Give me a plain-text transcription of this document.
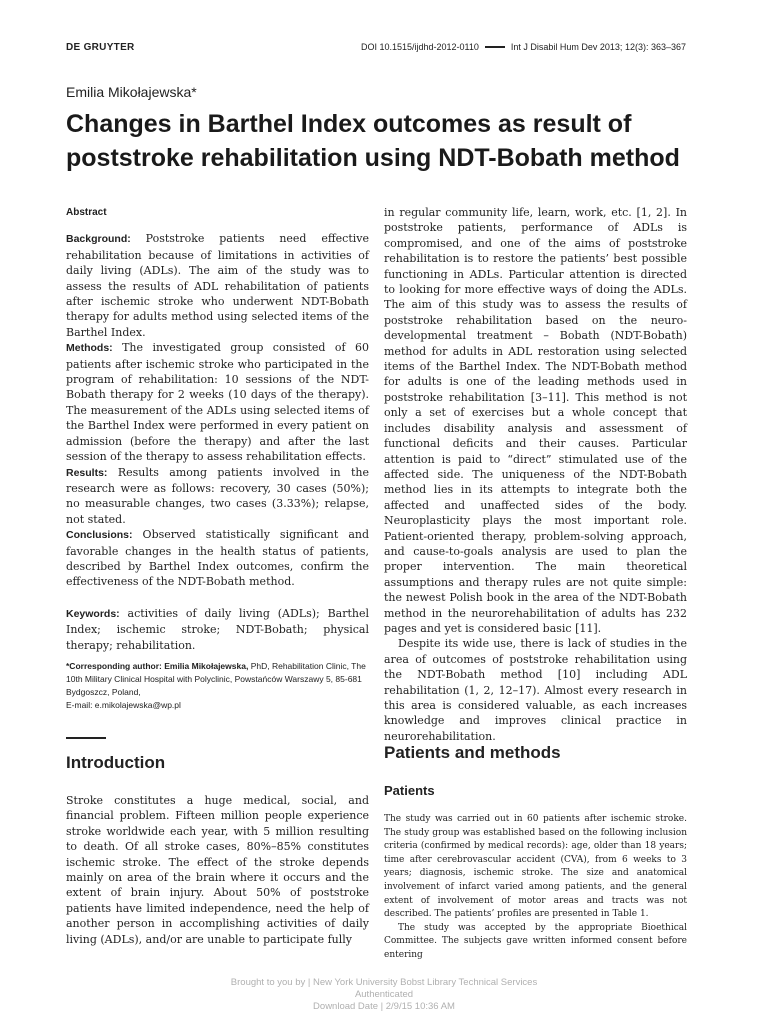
DE GRUYTER	DOI 10.1515/ijdhd-2012-0110	Int J Disabil Hum Dev 2013; 12(3): 363–367
Emilia Mikołajewska*
Changes in Barthel Index outcomes as result of poststroke rehabilitation using NDT-Bobath method
Abstract

Background: Poststroke patients need effective rehabilitation because of limitations in activities of daily living (ADLs). The aim of the study was to assess the results of ADL rehabilitation of patients after ischemic stroke who underwent NDT-Bobath therapy for adults method using selected items of the Barthel Index.

Methods: The investigated group consisted of 60 patients after ischemic stroke who participated in the program of rehabilitation: 10 sessions of the NDT-Bobath therapy for 2 weeks (10 days of the therapy). The measurement of the ADLs using selected items of the Barthel Index were performed in every patient on admission (before the therapy) and after the last session of the therapy to assess rehabilitation effects.

Results: Results among patients involved in the research were as follows: recovery, 30 cases (50%); no measurable changes, two cases (3.33%); relapse, not stated.

Conclusions: Observed statistically significant and favorable changes in the health status of patients, described by Barthel Index outcomes, confirm the effectiveness of the NDT-Bobath method.

Keywords: activities of daily living (ADLs); Barthel Index; ischemic stroke; NDT-Bobath; physical therapy; rehabilitation.

*Corresponding author: Emilia Mikołajewska, PhD, Rehabilitation Clinic, The 10th Military Clinical Hospital with Polyclinic, Powstańców Warszawy 5, 85-681 Bydgoszcz, Poland,
E-mail: e.mikolajewska@wp.pl
Introduction

Stroke constitutes a huge medical, social, and financial problem. Fifteen million people experience stroke worldwide each year, with 5 million resulting to death. Of all stroke cases, 80%–85% constitutes ischemic stroke. The effect of the stroke depends mainly on area of the brain where it occurs and the extent of brain injury. About 50% of poststroke patients have limited independence, need the help of another person in accomplishing activities of daily living (ADLs), and/or are unable to participate fully

in regular community life, learn, work, etc. [1, 2]. In poststroke patients, performance of ADLs is compromised, and one of the aims of poststroke rehabilitation is to restore the patients’ best possible functioning in ADLs. Particular attention is directed to looking for more effective ways of doing the ADLs. The aim of this study was to assess the results of poststroke rehabilitation based on the neuro-developmental treatment – Bobath (NDT-Bobath) method for adults in ADL restoration using selected items of the Barthel Index. The NDT-Bobath method for adults is one of the leading methods used in poststroke rehabilitation [3–11]. This method is not only a set of exercises but a whole concept that includes disability analysis and assessment of functional deficits and their causes. Particular attention is paid to “direct” stimulated use of the affected side. The uniqueness of the NDT-Bobath method lies in its attempts to integrate both the affected and unaffected sides of the body. Neuroplasticity plays the most important role. Patient-oriented therapy, problem-solving approach, and cause-to-goals analysis are used to plan the proper intervention. The main theoretical assumptions and therapy rules are not quite simple: the newest Polish book in the area of the NDT-Bobath method in the neurorehabilitation of adults has 232 pages and yet is considered basic [11].

Despite its wide use, there is lack of studies in the area of outcomes of poststroke rehabilitation using the NDT-Bobath method [10] including ADL rehabilitation (1, 2, 12–17). Almost every research in this area is considered valuable, as each increases knowledge and improves clinical practice in neurorehabilitation.

Patients and methods
Patients

The study was carried out in 60 patients after ischemic stroke. The study group was established based on the following inclusion criteria (confirmed by medical records): age, older than 18 years; time after cerebrovascular accident (CVA), from 6 weeks to 3 years; diagnosis, ischemic stroke. The size and anatomical involvement of infarct varied among patients, and the general extent of involvement of motor areas and tracts was not described. The patients’ profiles are presented in Table 1.

The study was accepted by the appropriate Bioethical Committee. The subjects gave written informed consent before entering

Brought to you by | New York University Bobst Library Technical Services
Authenticated
Download Date | 2/9/15 10:36 AM
